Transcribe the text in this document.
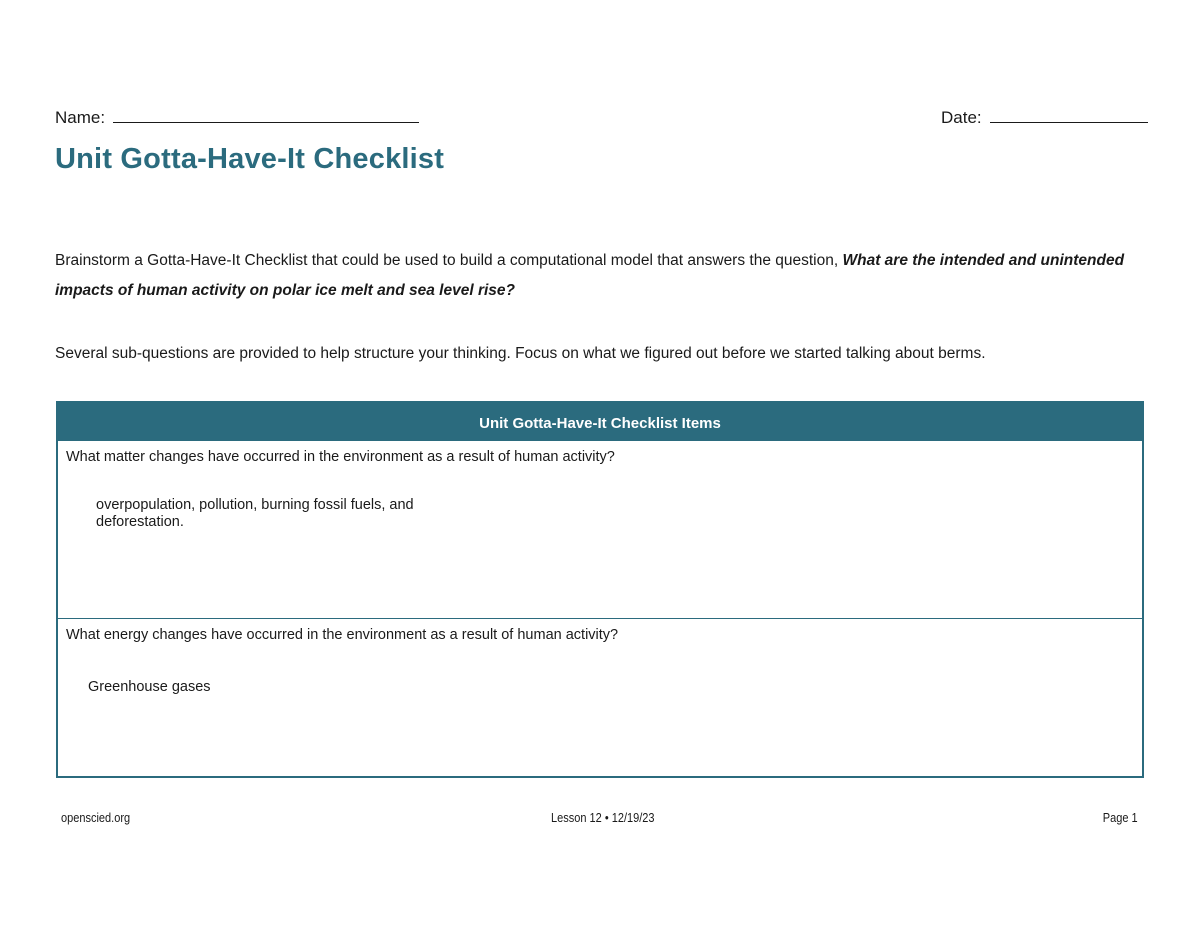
Name:	Date:
Unit Gotta-Have-It Checklist

Brainstorm a Gotta-Have-It Checklist that could be used to build a computational model that answers the question, What are the intended and unintended impacts of human activity on polar ice melt and sea level rise?

Several sub-questions are provided to help structure your thinking. Focus on what we figured out before we started talking about berms.

Unit Gotta-Have-It Checklist Items
What matter changes have occurred in the environment as a result of human activity?
overpopulation, pollution, burning fossil fuels, and deforestation.
What energy changes have occurred in the environment as a result of human activity?
Greenhouse gases
openscied.org	Lesson 12 • 12/19/23	Page 1
